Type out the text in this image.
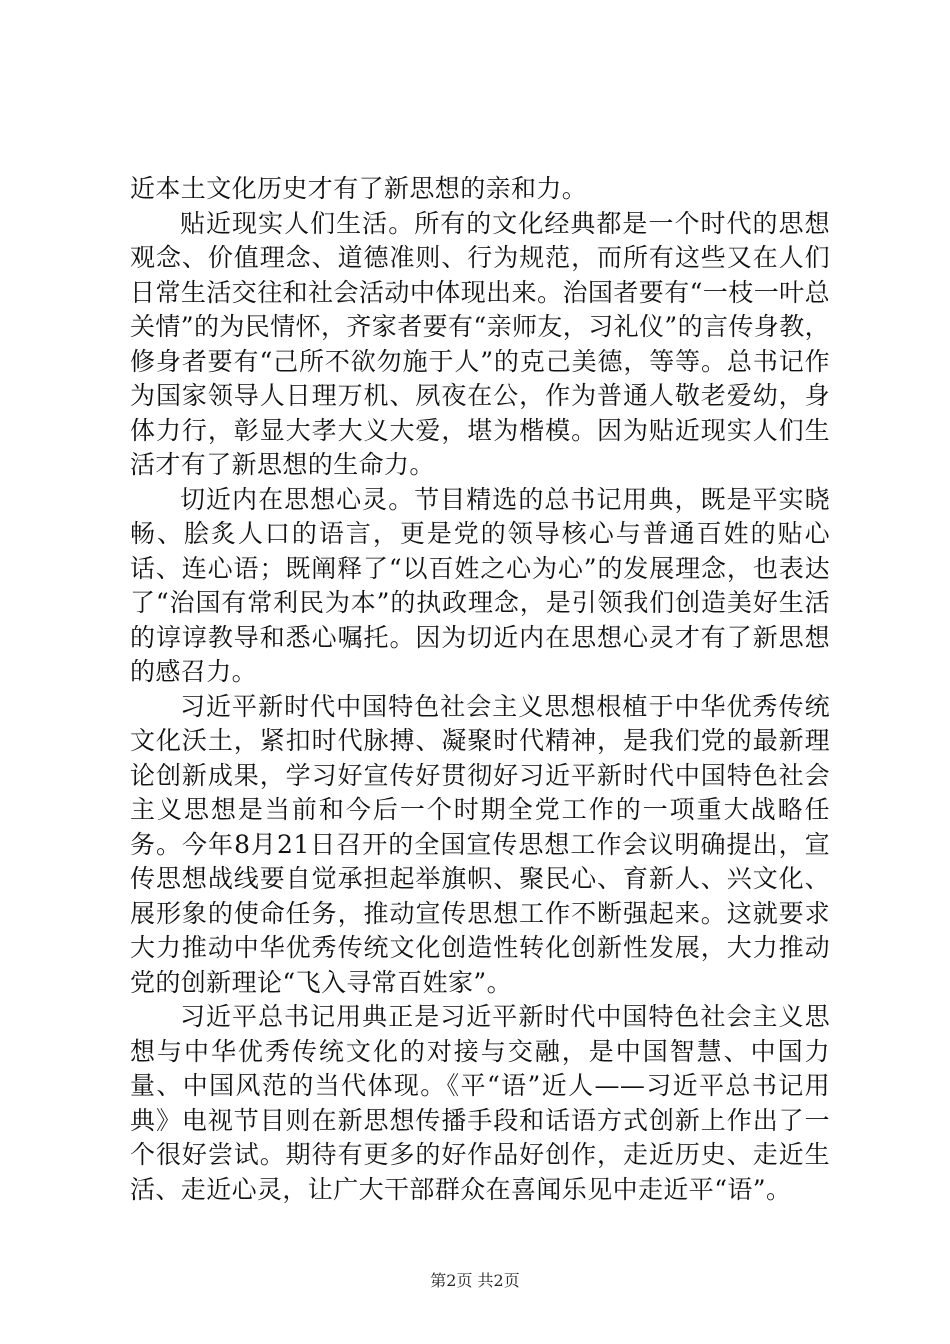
近本土文化历史才有了新思想的亲和力。

贴近现实人们生活。所有的文化经典都是一个时代的思想观念、价值理念、道德准则、行为规范，而所有这些又在人们日常生活交往和社会活动中体现出来。治国者要有“一枝一叶总关情”的为民情怀，齐家者要有“亲师友，习礼仪”的言传身教，修身者要有“己所不欲勿施于人”的克己美德，等等。总书记作为国家领导人日理万机、夙夜在公，作为普通人敬老爱幼，身体力行，彰显大孝大义大爱，堪为楷模。因为贴近现实人们生活才有了新思想的生命力。

切近内在思想心灵。节目精选的总书记用典，既是平实晓畅、脍炙人口的语言，更是党的领导核心与普通百姓的贴心话、连心语；既阐释了“以百姓之心为心”的发展理念，也表达了“治国有常利民为本”的执政理念，是引领我们创造美好生活的谆谆教导和悉心嘱托。因为切近内在思想心灵才有了新思想的感召力。

习近平新时代中国特色社会主义思想根植于中华优秀传统文化沃土，紧扣时代脉搏、凝聚时代精神，是我们党的最新理论创新成果，学习好宣传好贯彻好习近平新时代中国特色社会主义思想是当前和今后一个时期全党工作的一项重大战略任务。今年8月21日召开的全国宣传思想工作会议明确提出，宣传思想战线要自觉承担起举旗帜、聚民心、育新人、兴文化、展形象的使命任务，推动宣传思想工作不断强起来。这就要求大力推动中华优秀传统文化创造性转化创新性发展，大力推动党的创新理论“飞入寻常百姓家”。

习近平总书记用典正是习近平新时代中国特色社会主义思想与中华优秀传统文化的对接与交融，是中国智慧、中国力量、中国风范的当代体现。《平“语”近人——习近平总书记用典》电视节目则在新思想传播手段和话语方式创新上作出了一个很好尝试。期待有更多的好作品好创作，走近历史、走近生活、走近心灵，让广大干部群众在喜闻乐见中走近平“语”。

第2页 共2页
